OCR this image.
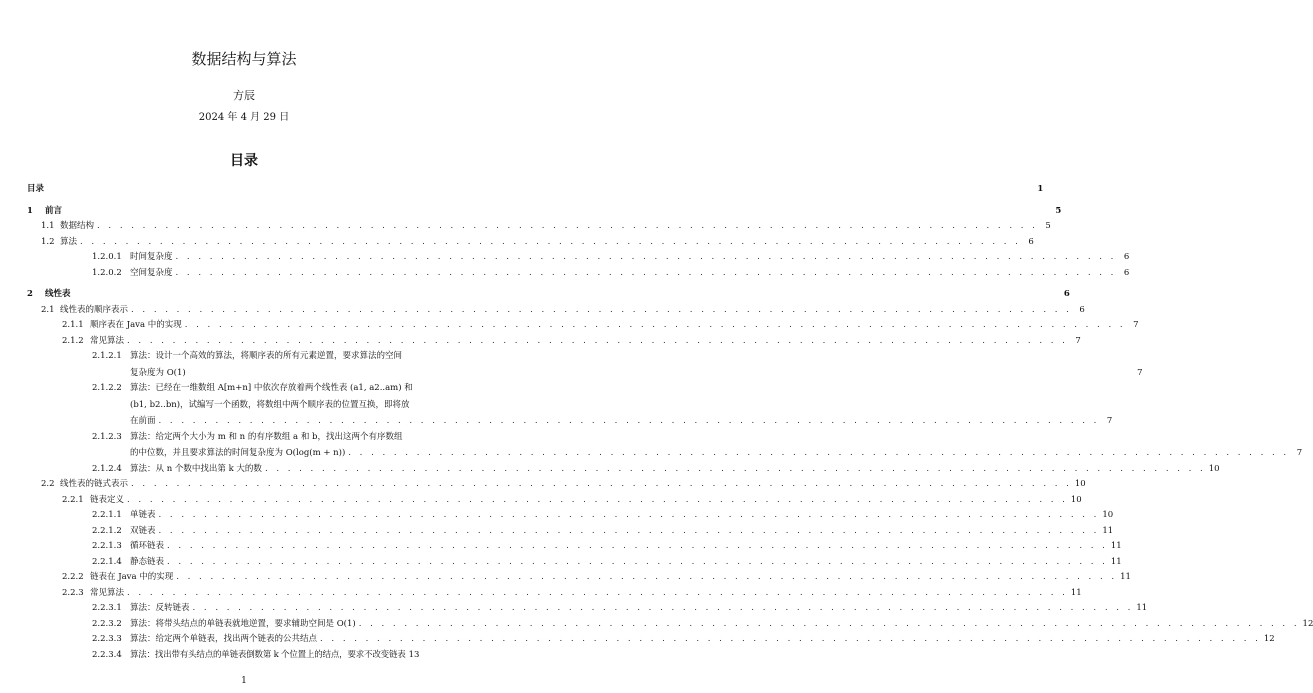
数据结构与算法
方辰
2024 年 4 月 29 日
目录
目录	1
1	前言	5
1.1 数据结构 . . .	5
1.2 算法 . . .	6
1.2.0.1 时间复杂度 . . .	6
1.2.0.2 空间复杂度 . . .	6
2	线性表	6
2.1 线性表的顺序表示 . . .	6
2.1.1 顺序表在 Java 中的实现 . . .	7
2.1.2 常见算法 . . .	7
2.1.2.1 算法：设计一个高效的算法，将顺序表的所有元素逆置，要求算法的空间
复杂度为 O(1)	7
2.1.2.2 算法：已经在一维数组 A[m+n] 中依次存放着两个线性表 (a1, a2..am) 和
(b1, b2..bn)，试编写一个函数，将数组中两个顺序表的位置互换，即将放
在前面 . . .	7
2.1.2.3 算法：给定两个大小为 m 和 n 的有序数组 a 和 b，找出这两个有序数组
的中位数，并且要求算法的时间复杂度为 O(log(m + n)) . . .	7
2.1.2.4 算法：从 n 个数中找出第 k 大的数 . . .	10
2.2 线性表的链式表示 . . .	10
2.2.1 链表定义 . . .	10
2.2.1.1 单链表 . . .	10
2.2.1.2 双链表 . . .	11
2.2.1.3 循环链表 . . .	11
2.2.1.4 静态链表 . . .	11
2.2.2 链表在 Java 中的实现 . . .	11
2.2.3 常见算法 . . .	11
2.2.3.1 算法：反转链表 . . .	11
2.2.3.2 算法：将带头结点的单链表就地逆置，要求辅助空间是 O(1) . . .	12
2.2.3.3 算法：给定两个单链表，找出两个链表的公共结点 . . .	12
2.2.3.4 算法：找出带有头结点的单链表倒数第 k 个位置上的结点，要求不改变链表 13
1
